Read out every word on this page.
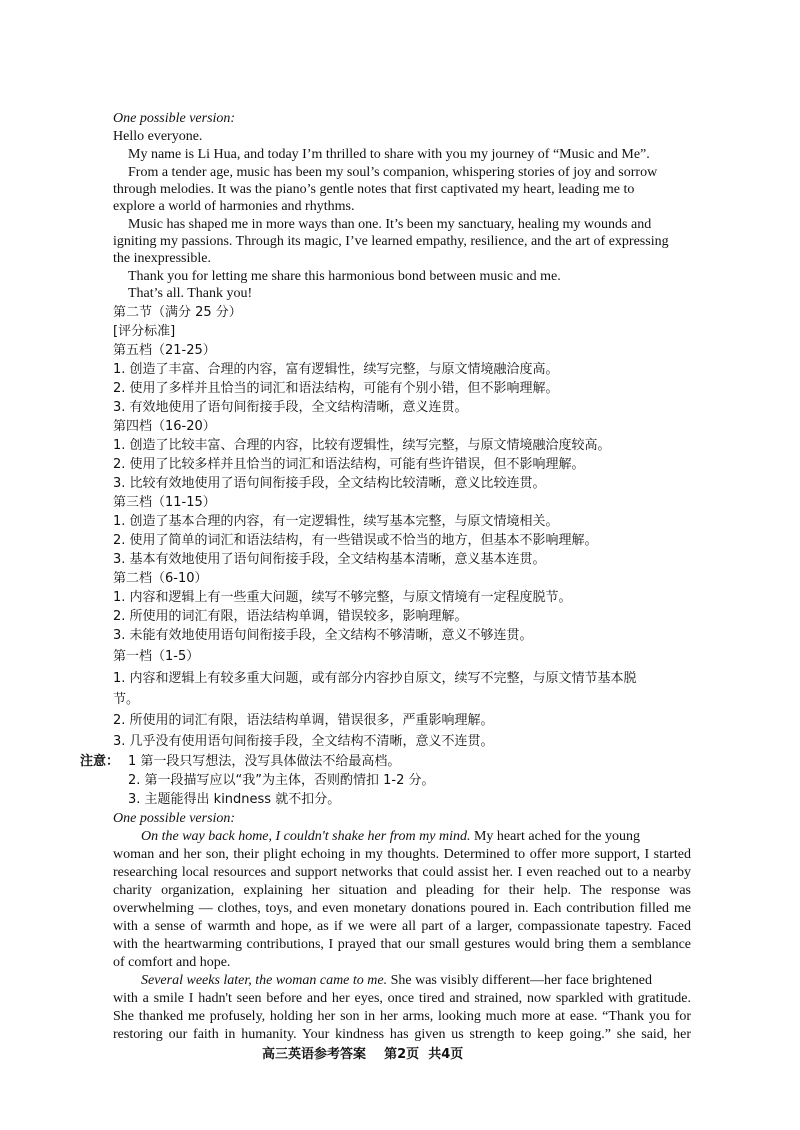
One possible version:
Hello everyone.
My name is Li Hua, and today I’m thrilled to share with you my journey of “Music and Me”.
From a tender age, music has been my soul’s companion, whispering stories of joy and sorrow
through melodies. It was the piano’s gentle notes that first captivated my heart, leading me to
explore a world of harmonies and rhythms.
Music has shaped me in more ways than one. It’s been my sanctuary, healing my wounds and
igniting my passions. Through its magic, I’ve learned empathy, resilience, and the art of expressing
the inexpressible.
Thank you for letting me share this harmonious bond between music and me.
That’s all. Thank you!
第二节（满分 25 分）
[评分标准]
第五档（21-25）
1. 创造了丰富、合理的内容，富有逻辑性，续写完整，与原文情境融洽度高。
2. 使用了多样并且恰当的词汇和语法结构，可能有个别小错，但不影响理解。
3. 有效地使用了语句间衔接手段，全文结构清晰，意义连贯。
第四档（16-20）
1. 创造了比较丰富、合理的内容，比较有逻辑性，续写完整，与原文情境融洽度较高。
2. 使用了比较多样并且恰当的词汇和语法结构，可能有些许错误，但不影响理解。
3. 比较有效地使用了语句间衔接手段，全文结构比较清晰，意义比较连贯。
第三档（11-15）
1. 创造了基本合理的内容，有一定逻辑性，续写基本完整，与原文情境相关。
2. 使用了简单的词汇和语法结构，有一些错误或不恰当的地方，但基本不影响理解。
3. 基本有效地使用了语句间衔接手段，全文结构基本清晰，意义基本连贯。
第二档（6-10）
1. 内容和逻辑上有一些重大问题，续写不够完整，与原文情境有一定程度脱节。
2. 所使用的词汇有限，语法结构单调，错误较多，影响理解。
3. 未能有效地使用语句间衔接手段，全文结构不够清晰，意义不够连贯。
第一档（1-5）
1. 内容和逻辑上有较多重大问题，或有部分内容抄自原文，续写不完整，与原文情节基本脱
节。
2. 所使用的词汇有限，语法结构单调，错误很多，严重影响理解。
3. 几乎没有使用语句间衔接手段，全文结构不清晰，意义不连贯。
注意： 1 第一段只写想法，没写具体做法不给最高档。
2. 第一段描写应以“我”为主体，否则酌情扣 1-2 分。
3. 主题能得出 kindness 就不扣分。
One possible version:
On the way back home, I couldn't shake her from my mind. My heart ached for the young
woman and her son, their plight echoing in my thoughts. Determined to offer more support, I started
researching local resources and support networks that could assist her. I even reached out to a nearby
charity organization, explaining her situation and pleading for their help. The response was
overwhelming — clothes, toys, and even monetary donations poured in. Each contribution filled me
with a sense of warmth and hope, as if we were all part of a larger, compassionate tapestry. Faced
with the heartwarming contributions, I prayed that our small gestures would bring them a semblance
of comfort and hope.
Several weeks later, the woman came to me. She was visibly different—her face brightened
with a smile I hadn't seen before and her eyes, once tired and strained, now sparkled with gratitude.
She thanked me profusely, holding her son in her arms, looking much more at ease. “Thank you for
restoring our faith in humanity. Your kindness has given us strength to keep going.” she said, her
高三英语参考答案    第2页  共4页
